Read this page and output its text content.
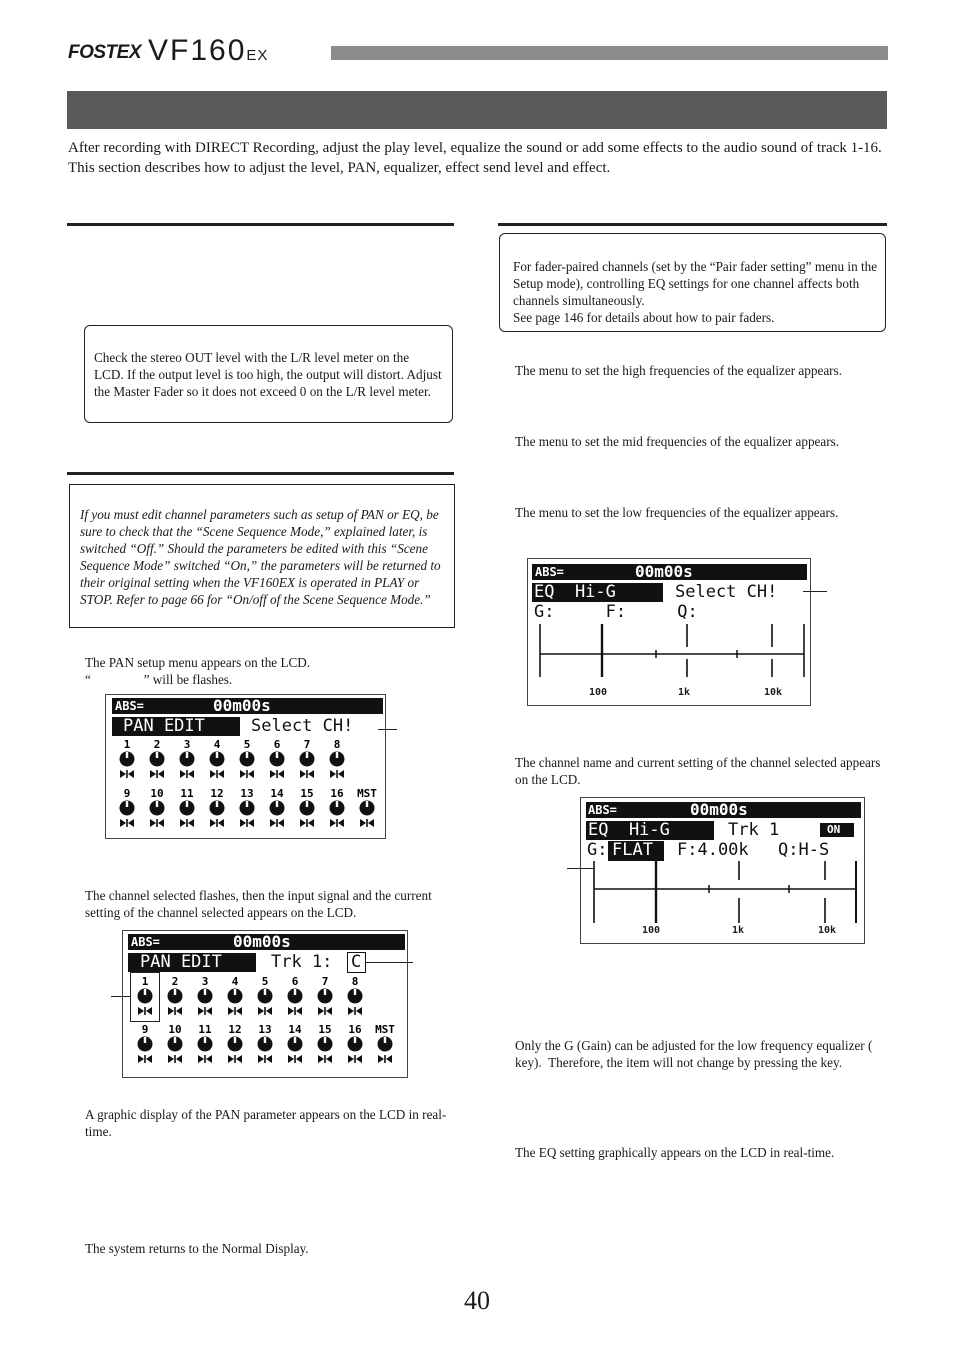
FOSTEX VF160EX
After recording with DIRECT Recording, adjust the play level, equalize the sound or add some effects to the audio sound of track 1-16. This section describes how to adjust the level, PAN, equalizer, effect send level and effect.
Check the stereo OUT level with the L/R level meter on the LCD. If the output level is too high, the output will distort. Adjust the Master Fader so it does not exceed 0 on the L/R level meter.
If you must edit channel parameters such as setup of PAN or EQ, be sure to check that the “Scene Sequence Mode,” explained later, is switched “Off.” Should the parameters be edited with this “Scene Sequence Mode” switched “On,” the parameters will be returned to their original setting when the VF160EX is operated in PLAY or STOP. Refer to page 66 for “On/off of the Scene Sequence Mode.”
The PAN setup menu appears on the LCD.
“                ” will be flashes.
ABS=	00m00s
PAN EDIT	Select CH!
1 2 3 4 5 6 7 8
9 10 11 12 13 14 15 16 MST
The channel selected flashes, then the input signal and the current setting of the channel selected appears on the LCD.
ABS=	00m00s
PAN EDIT	Trk 1: C
1 2 3 4 5 6 7 8
9 10 11 12 13 14 15 16 MST
A graphic display of the PAN parameter appears on the LCD in real-time.
The system returns to the Normal Display.
For fader-paired channels (set by the “Pair fader setting” menu in the Setup mode), controlling EQ settings for one channel affects both channels simultaneously.
See page 146 for details about how to pair faders.
The menu to set the high frequencies of the equalizer appears.
The menu to set the mid frequencies of the equalizer appears.
The menu to set the low frequencies of the equalizer appears.
ABS=	00m00s
EQ  Hi-G	Select CH!
G:     F:     Q:
100	1k	10k
The channel name and current setting of the channel selected appears on the LCD.
ABS=	00m00s
EQ  Hi-G	Trk 1	ON
G: FLAT F:4.00k Q:H-S
100	1k	10k
Only the G (Gain) can be adjusted for the low frequency equalizer (            key).  Therefore, the item will not change by pressing the key.
The EQ setting graphically appears on the LCD in real-time.
40
